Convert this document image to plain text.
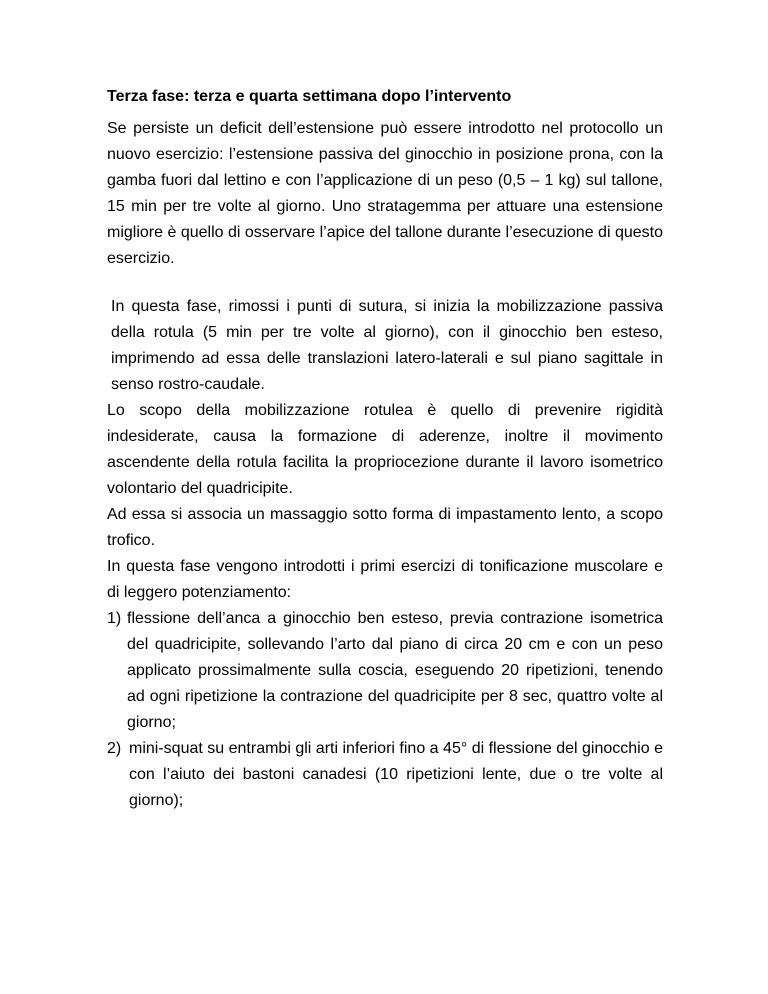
Terza fase: terza e quarta settimana dopo l’intervento

Se persiste un deficit dell’estensione può essere introdotto nel protocollo un nuovo esercizio: l’estensione passiva del ginocchio in posizione prona, con la gamba fuori dal lettino e con l’applicazione di un peso (0,5 – 1 kg) sul tallone, 15 min per tre volte al giorno. Uno stratagemma per attuare una estensione migliore è quello di osservare l’apice del tallone durante l’esecuzione di questo esercizio.

In questa fase, rimossi i punti di sutura, si inizia la mobilizzazione passiva della rotula (5 min per tre volte al giorno), con il ginocchio ben esteso, imprimendo ad essa delle translazioni latero-laterali e sul piano sagittale in senso rostro-caudale.

Lo scopo della mobilizzazione rotulea è quello di prevenire rigidità indesiderate, causa la formazione di aderenze, inoltre il movimento ascendente della rotula facilita la propriocezione durante il lavoro isometrico volontario del quadricipite.

Ad essa si associa un massaggio sotto forma di impastamento lento, a scopo trofico.

In questa fase vengono introdotti i primi esercizi di tonificazione muscolare e di leggero potenziamento:

1) flessione dell’anca a ginocchio ben esteso, previa contrazione isometrica del quadricipite, sollevando l’arto dal piano di circa 20 cm e con un peso applicato prossimalmente sulla coscia, eseguendo 20 ripetizioni, tenendo ad ogni ripetizione la contrazione del quadricipite per 8 sec, quattro volte al giorno;
2) mini-squat su entrambi gli arti inferiori fino a 45° di flessione del ginocchio e con l’aiuto dei bastoni canadesi (10 ripetizioni lente, due o tre volte al giorno);
